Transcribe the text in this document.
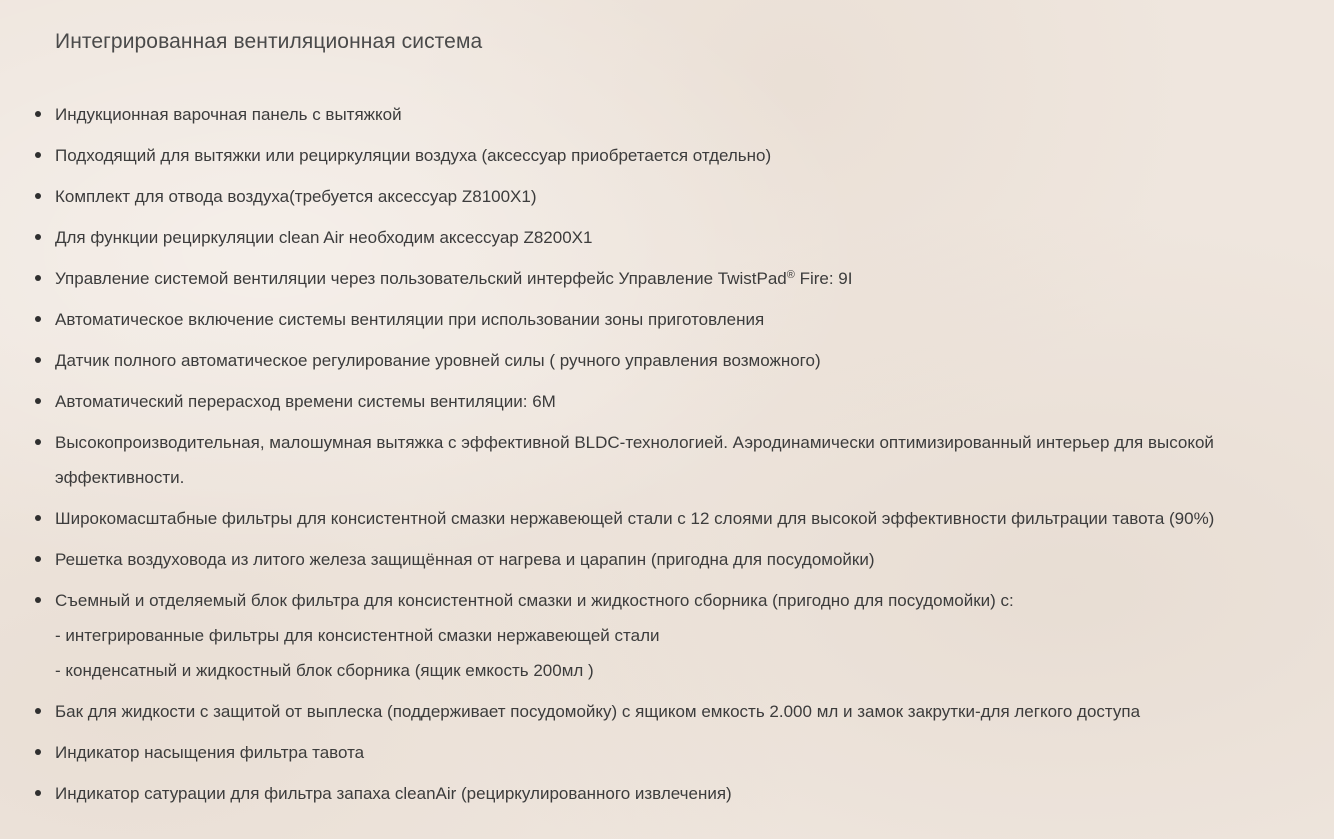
Интегрированная вентиляционная система
Индукционная варочная панель с вытяжкой
Подходящий для вытяжки или рециркуляции воздуха (аксессуар приобретается отдельно)
Комплект для отвода воздуха(требуется аксессуар Z8100X1)
Для функции рециркуляции clean Air необходим аксессуар Z8200X1
Управление системой вентиляции через пользовательский интерфейс Управление TwistPad® Fire: 9I
Автоматическое включение системы вентиляции при использовании зоны приготовления
Датчик полного автоматическое регулирование уровней силы ( ручного управления возможного)
Автоматический перерасход времени системы вентиляции: 6М
Высокопроизводительная, малошумная вытяжка с эффективной BLDC-технологией. Аэродинамически оптимизированный интерьер для высокой
эффективности.
Широкомасштабные фильтры для консистентной смазки нержавеющей стали с 12 слоями для высокой эффективности фильтрации тавота (90%)
Решетка воздуховода из литого железа защищённая от нагрева и царапин (пригодна для посудомойки)
Съемный и отделяемый блок фильтра для консистентной смазки и жидкостного сборника (пригодно для посудомойки) с:
- интегрированные фильтры для консистентной смазки нержавеющей стали
- конденсатный и жидкостный блок сборника (ящик емкость 200мл )
Бак для жидкости с защитой от выплеска (поддерживает посудомойку) с ящиком емкость 2.000 мл и замок закрутки-для легкого доступа
Индикатор насыщения фильтра тавота
Индикатор сатурации для фильтра запаха cleanAir (рециркулированного извлечения)
